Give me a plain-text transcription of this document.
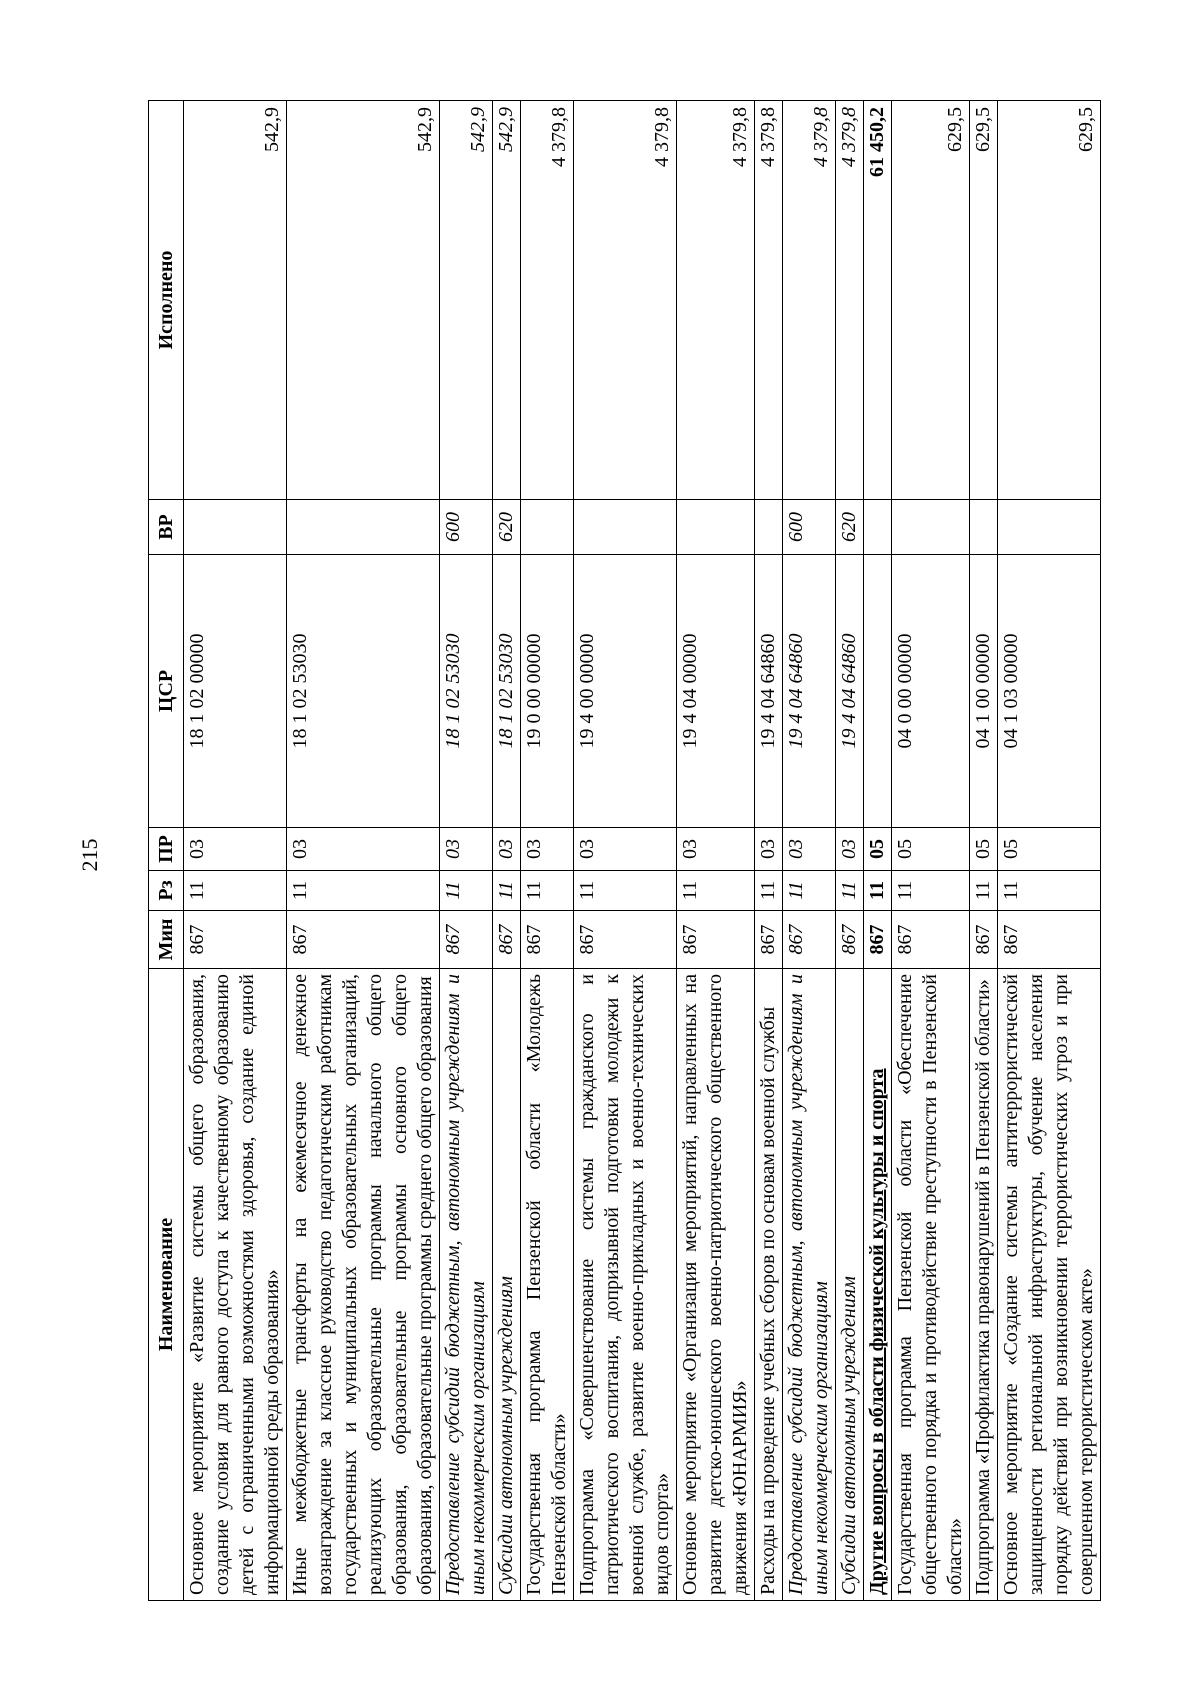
215
Наименование	Мин	Рз	ПР	ЦСР	ВР	Исполнено
Основное мероприятие «Развитие системы общего образования, создание условия для равного доступа к качественному образованию детей с ограниченными возможностями здоровья, создание единой информационной среды образования»	867	11	03	18 1 02 00000		542,9
Иные межбюджетные трансферты на ежемесячное денежное вознаграждение за классное руководство педагогическим работникам государственных и муниципальных образовательных организаций, реализующих образовательные программы начального общего образования, образовательные программы основного общего образования, образовательные программы среднего общего образования	867	11	03	18 1 02 53030		542,9
Предоставление субсидий бюджетным, автономным учреждениям и иным некоммерческим организациям	867	11	03	18 1 02 53030	600	542,9
Субсидии автономным учреждениям	867	11	03	18 1 02 53030	620	542,9
Государственная программа Пензенской области «Молодежь Пензенской области»	867	11	03	19 0 00 00000		4 379,8
Подпрограмма «Совершенствование системы гражданского и патриотического воспитания, допризывной подготовки молодежи к военной службе, развитие военно-прикладных и военно-технических видов спорта»	867	11	03	19 4 00 00000		4 379,8
Основное мероприятие «Организация мероприятий, направленных на развитие детско-юношеского военно-патриотического общественного движения «ЮНАРМИЯ»	867	11	03	19 4 04 00000		4 379,8
Расходы на проведение учебных сборов по основам военной службы	867	11	03	19 4 04 64860		4 379,8
Предоставление субсидий бюджетным, автономным учреждениям и иным некоммерческим организациям	867	11	03	19 4 04 64860	600	4 379,8
Субсидии автономным учреждениям	867	11	03	19 4 04 64860	620	4 379,8
Другие вопросы в области физической культуры и спорта	867	11	05			61 450,2
Государственная программа Пензенской области «Обеспечение общественного порядка и противодействие преступности в Пензенской области»	867	11	05	04 0 00 00000		629,5
Подпрограмма «Профилактика правонарушений в Пензенской области»	867	11	05	04 1 00 00000		629,5
Основное мероприятие «Создание системы антитеррористической защищенности региональной инфраструктуры, обучение населения порядку действий при возникновении террористических угроз и при совершенном террористическом акте»	867	11	05	04 1 03 00000		629,5
